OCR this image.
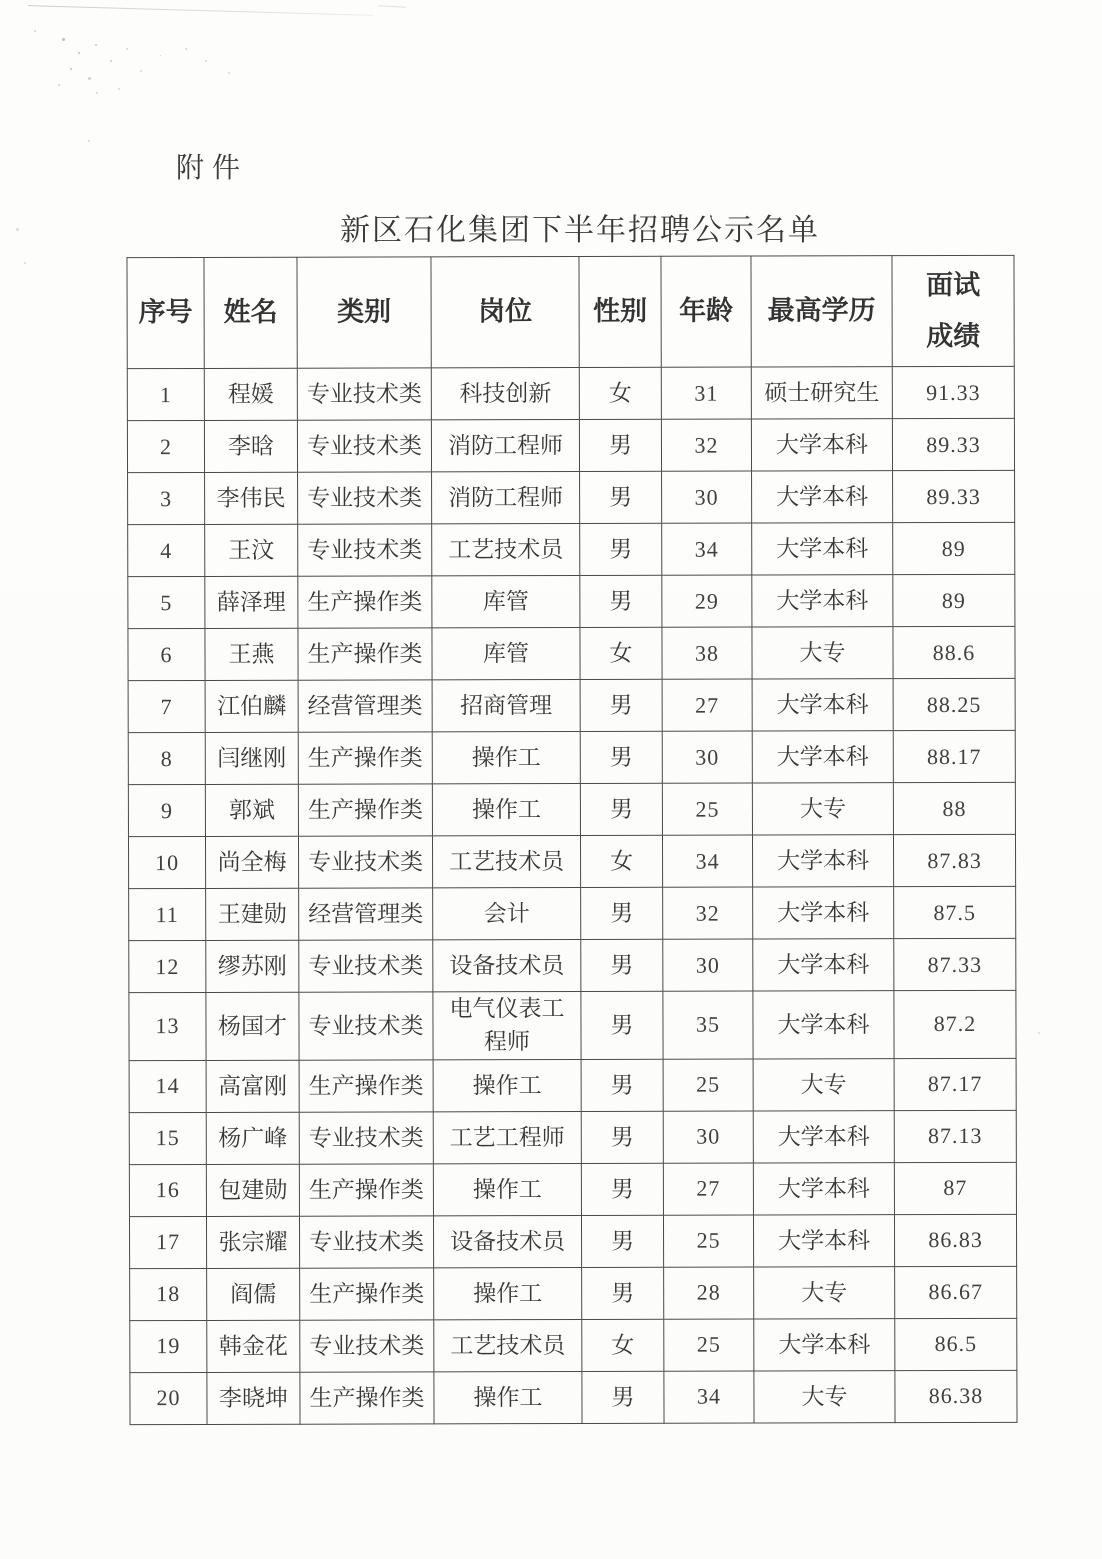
附件
新区石化集团下半年招聘公示名单
序号	姓名	类别	岗位	性别	年龄	最高学历	面试
成绩
1	程媛	专业技术类	科技创新	女	31	硕士研究生	91.33
2	李晗	专业技术类	消防工程师	男	32	大学本科	89.33
3	李伟民	专业技术类	消防工程师	男	30	大学本科	89.33
4	王汶	专业技术类	工艺技术员	男	34	大学本科	89
5	薛泽理	生产操作类	库管	男	29	大学本科	89
6	王燕	生产操作类	库管	女	38	大专	88.6
7	江伯麟	经营管理类	招商管理	男	27	大学本科	88.25
8	闫继刚	生产操作类	操作工	男	30	大学本科	88.17
9	郭斌	生产操作类	操作工	男	25	大专	88
10	尚全梅	专业技术类	工艺技术员	女	34	大学本科	87.83
11	王建勋	经营管理类	会计	男	32	大学本科	87.5
12	缪苏刚	专业技术类	设备技术员	男	30	大学本科	87.33
13	杨国才	专业技术类	电气仪表工
程师	男	35	大学本科	87.2
14	高富刚	生产操作类	操作工	男	25	大专	87.17
15	杨广峰	专业技术类	工艺工程师	男	30	大学本科	87.13
16	包建勋	生产操作类	操作工	男	27	大学本科	87
17	张宗耀	专业技术类	设备技术员	男	25	大学本科	86.83
18	阎儒	生产操作类	操作工	男	28	大专	86.67
19	韩金花	专业技术类	工艺技术员	女	25	大学本科	86.5
20	李晓坤	生产操作类	操作工	男	34	大专	86.38
